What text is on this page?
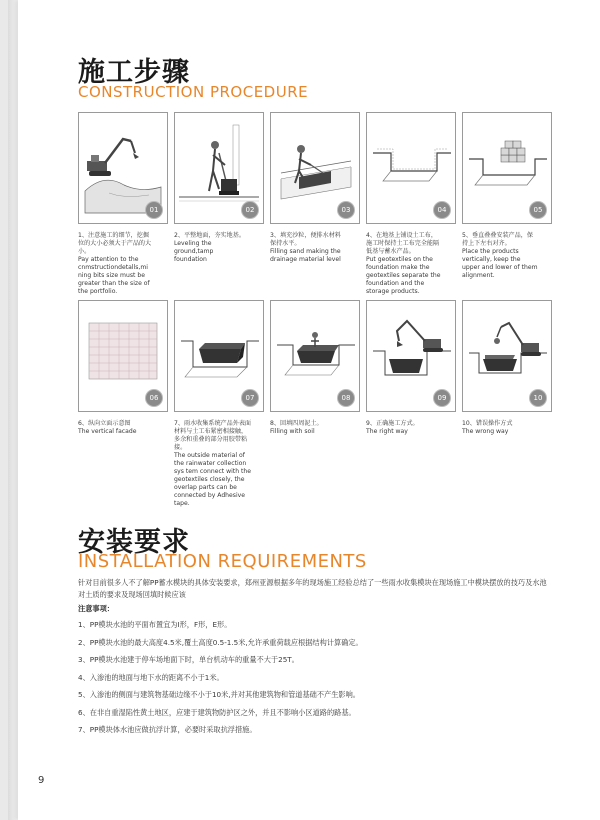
施工步骤
CONSTRUCTION PROCEDURE
01

1、注意施工的细节，挖掘
位的大小必须大于产品的大
小。
Pay attention to the
cnmstructiondetalls,mi
ning bits size must be
greater than the size of
the portfolio.

02

2、平整地面，夯实地基。
Leveling the
ground,tamp
foundation

03

3、填充沙粒，便排水材料
保持水平。
Filling sand making the
drainage material level

04

4、在地基上铺设土工布，
施工时保持土工布完全能隔
低基与蓄水产品。
Put geotextiles on the
foundation make the
geotextiles separate the
foundation and the
storage products.

05

5、垂直叠叠安装产品，保
持上下左右对齐。
Place the products
vertically, keep the
upper and lower of them
alignment.

06

6、纵向立面示意图
The vertical facade

07

7、雨水收集系统产品外表面
材料与土工布紧密相接触，
多余和重叠的部分用胶带粘
接。
The outside material of
the rainwater collection
sys tem connect with the
geotextiles closely, the
overlap parts can be
connected by Adhesive
tape.

08

8、回填四周泥土。
Filling with soil

09

9、正确施工方式。
The right way

10

10、错误操作方式
The wrong way

安装要求
INSTALLATION REQUIREMENTS
针对目前很多人不了解PP蓄水模块的具体安装要求，郑州亚源根据多年的现场施工经验总结了一些雨水收集模块在现场施工中模块摆放的技巧及水池对土质的要求及现场回填时候应该
注意事项：
1、PP模块水池的平面布置宜为I形，F形，E形。
2、PP模块水池的最大高度4.5米,覆土高度0.5-1.5米,允许承重荷载应根据结构计算确定。
3、PP模块水池建于停车场地面下时，单台机动车的重量不大于25T。
4、入渗池的地面与地下水的距离不小于1米。
5、入渗池的侧面与建筑物基础边缘不小于10米,并对其他建筑物和管道基础不产生影响。
6、在非自重湿陷性黄土地区，应建于建筑物防护区之外，并且不影响小区道路的路基。
7、PP模块体水池应做抗浮计算，必要时采取抗浮措施。
9
